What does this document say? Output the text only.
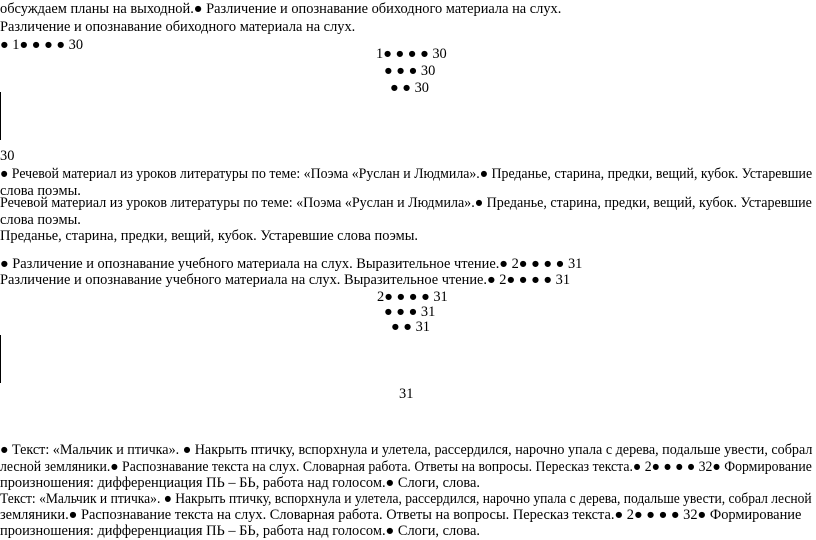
обсуждаем планы на выходной.● Различение и опознавание обиходного материала на слух.
Различение и опознавание обиходного материала на слух.
● 1● ● ● ● 30
1● ● ● ● 30
● ● ● 30
● ● 30
30
● Речевой материал из уроков литературы по теме: «Поэма «Руслан и Людмила».● Преданье, старина, предки, вещий, кубок. Устаревшие
слова поэмы.
Речевой материал из уроков литературы по теме: «Поэма «Руслан и Людмила».● Преданье, старина, предки, вещий, кубок. Устаревшие
слова поэмы.
Преданье, старина, предки, вещий, кубок. Устаревшие слова поэмы.
● Различение и опознавание учебного материала на слух. Выразительное чтение.● 2● ● ● ● 31
Различение и опознавание учебного материала на слух. Выразительное чтение.● 2● ● ● ● 31
2● ● ● ● 31
● ● ● 31
● ● 31
31
● Текст: «Мальчик и птичка». ● Накрыть птичку, вспорхнула и улетела, рассердился, нарочно упала с дерева, подальше увести, собрал
лесной земляники.● Распознавание текста на слух. Словарная работа. Ответы на вопросы. Пересказ текста.● 2● ● ● ● 32● Формирование
произношения: дифференциация ПЬ – БЬ, работа над голосом.● Слоги, слова.
Текст: «Мальчик и птичка». ● Накрыть птичку, вспорхнула и улетела, рассердился, нарочно упала с дерева, подальше увести, собрал лесной
земляники.● Распознавание текста на слух. Словарная работа. Ответы на вопросы. Пересказ текста.● 2● ● ● ● 32● Формирование
произношения: дифференциация ПЬ – БЬ, работа над голосом.● Слоги, слова.
